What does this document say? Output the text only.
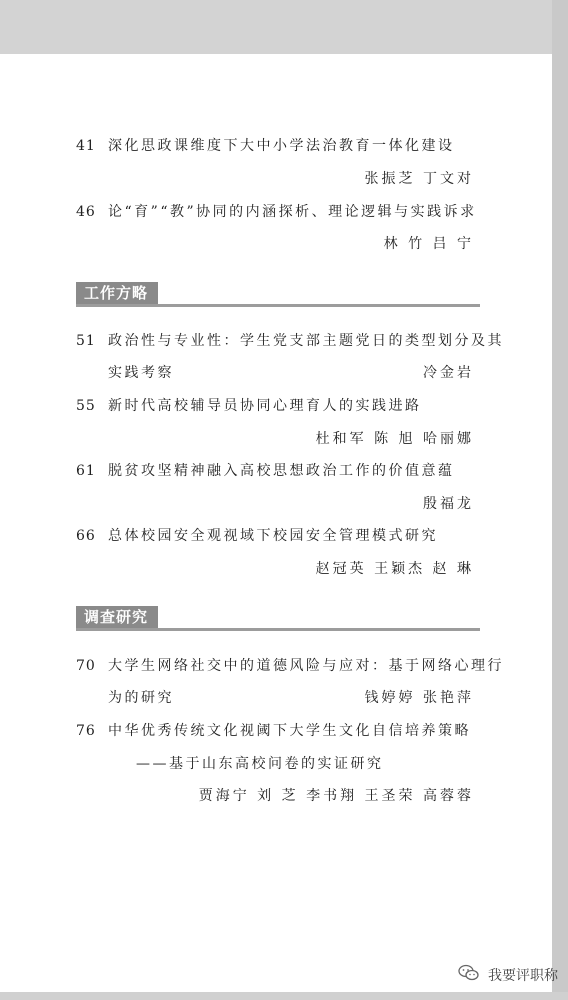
41 深化思政课维度下大中小学法治教育一体化建设
张振芝 丁文对
46 论“育”“教”协同的内涵探析、理论逻辑与实践诉求
林 竹 吕 宁
工作方略
51 政治性与专业性：学生党支部主题党日的类型划分及其
实践考察	冷金岩
55 新时代高校辅导员协同心理育人的实践进路
杜和军 陈 旭 哈丽娜
61 脱贫攻坚精神融入高校思想政治工作的价值意蕴
殷福龙
66 总体校园安全观视域下校园安全管理模式研究
赵冠英 王颖杰 赵 琳
调查研究
70 大学生网络社交中的道德风险与应对：基于网络心理行
为的研究	钱婷婷 张艳萍
76 中华优秀传统文化视阈下大学生文化自信培养策略
——基于山东高校问卷的实证研究
贾海宁 刘 芝 李书翔 王圣荣 高蓉蓉
我要评职称
